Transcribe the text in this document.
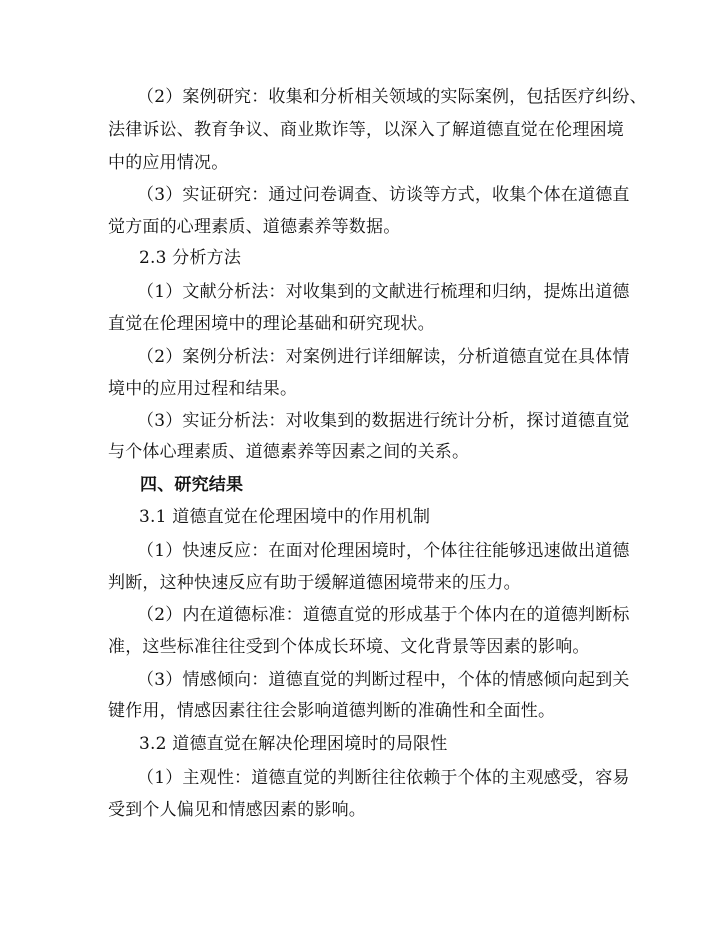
（2）案例研究：收集和分析相关领域的实际案例，包括医疗纠纷、
法律诉讼、教育争议、商业欺诈等，以深入了解道德直觉在伦理困境
中的应用情况。
（3）实证研究：通过问卷调查、访谈等方式，收集个体在道德直
觉方面的心理素质、道德素养等数据。
2.3 分析方法
（1）文献分析法：对收集到的文献进行梳理和归纳，提炼出道德
直觉在伦理困境中的理论基础和研究现状。
（2）案例分析法：对案例进行详细解读，分析道德直觉在具体情
境中的应用过程和结果。
（3）实证分析法：对收集到的数据进行统计分析，探讨道德直觉
与个体心理素质、道德素养等因素之间的关系。
四、研究结果
3.1 道德直觉在伦理困境中的作用机制
（1）快速反应：在面对伦理困境时，个体往往能够迅速做出道德
判断，这种快速反应有助于缓解道德困境带来的压力。
（2）内在道德标准：道德直觉的形成基于个体内在的道德判断标
准，这些标准往往受到个体成长环境、文化背景等因素的影响。
（3）情感倾向：道德直觉的判断过程中，个体的情感倾向起到关
键作用，情感因素往往会影响道德判断的准确性和全面性。
3.2 道德直觉在解决伦理困境时的局限性
（1）主观性：道德直觉的判断往往依赖于个体的主观感受，容易
受到个人偏见和情感因素的影响。
